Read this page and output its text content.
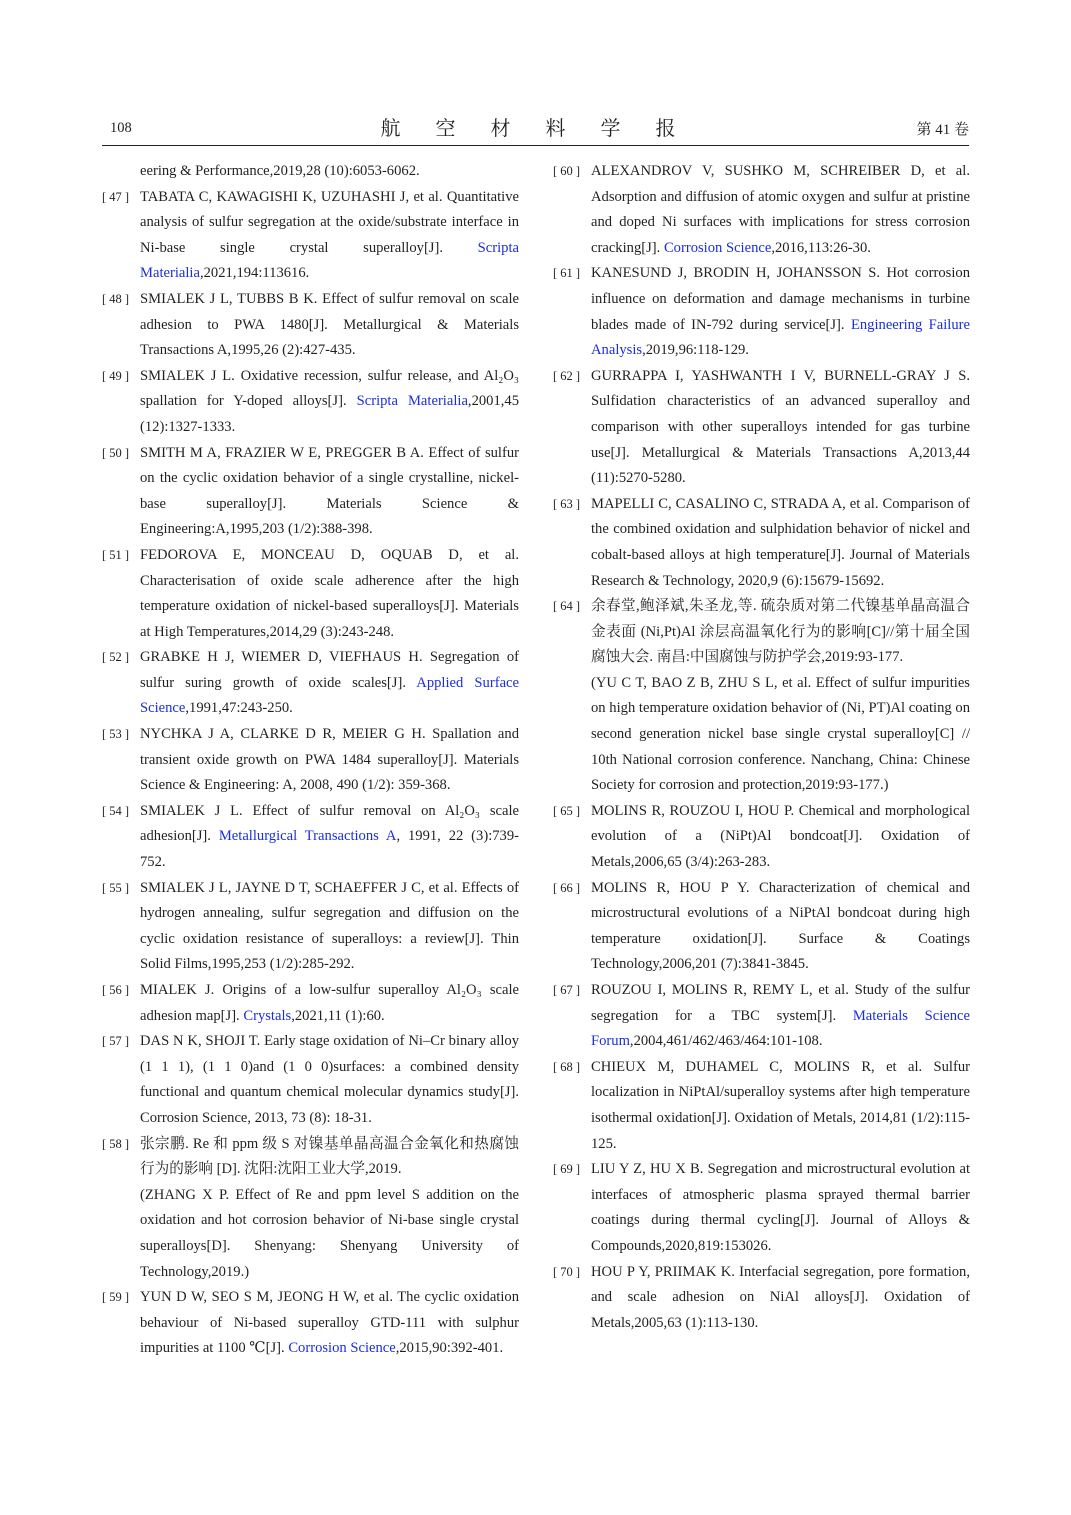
108	航 空 材 料 学 报	第 41 卷
eering & Performance,2019,28 (10):6053-6062.
[ 47 ] TABATA C, KAWAGISHI K, UZUHASHI J, et al. Quantitative analysis of sulfur segregation at the oxide/substrate interface in Ni-base single crystal superalloy[J]. Scripta Materialia,2021,194:113616.
[ 48 ] SMIALEK J L, TUBBS B K. Effect of sulfur removal on scale adhesion to PWA 1480[J]. Metallurgical & Materials Transactions A,1995,26 (2):427-435.
[ 49 ] SMIALEK J L. Oxidative recession, sulfur release, and Al₂O₃ spallation for Y-doped alloys[J]. Scripta Materialia,2001,45 (12):1327-1333.
[ 50 ] SMITH M A, FRAZIER W E, PREGGER B A. Effect of sulfur on the cyclic oxidation behavior of a single crystalline, nickel-base superalloy[J]. Materials Science & Engineering:A,1995,203 (1/2):388-398.
[ 51 ] FEDOROVA E, MONCEAU D, OQUAB D, et al. Characterisation of oxide scale adherence after the high temperature oxidation of nickel-based superalloys[J]. Materials at High Temperatures,2014,29 (3):243-248.
[ 52 ] GRABKE H J, WIEMER D, VIEFHAUS H. Segregation of sulfur suring growth of oxide scales[J]. Applied Surface Science,1991,47:243-250.
[ 53 ] NYCHKA J A, CLARKE D R, MEIER G H. Spallation and transient oxide growth on PWA 1484 superalloy[J]. Materials Science & Engineering: A, 2008, 490 (1/2): 359-368.
[ 54 ] SMIALEK J L. Effect of sulfur removal on Al₂O₃ scale adhesion[J]. Metallurgical Transactions A, 1991, 22 (3):739-752.
[ 55 ] SMIALEK J L, JAYNE D T, SCHAEFFER J C, et al. Effects of hydrogen annealing, sulfur segregation and diffusion on the cyclic oxidation resistance of superalloys: a review[J]. Thin Solid Films,1995,253 (1/2):285-292.
[ 56 ] MIALEK J. Origins of a low-sulfur superalloy Al₂O₃ scale adhesion map[J]. Crystals,2021,11 (1):60.
[ 57 ] DAS N K, SHOJI T. Early stage oxidation of Ni–Cr binary alloy (1 1 1), (1 1 0)and (1 0 0)surfaces: a combined density functional and quantum chemical molecular dynamics study[J]. Corrosion Science, 2013, 73 (8): 18-31.
[ 58 ] 张宗鹏. Re 和 ppm 级 S 对镍基单晶高温合金氧化和热腐蚀行为的影响 [D]. 沈阳:沈阳工业大学,2019.
(ZHANG X P. Effect of Re and ppm level S addition on the oxidation and hot corrosion behavior of Ni-base single crystal superalloys[D]. Shenyang: Shenyang University of Technology,2019.)
[ 59 ] YUN D W, SEO S M, JEONG H W, et al. The cyclic oxidation behaviour of Ni-based superalloy GTD-111 with sulphur impurities at 1100 ℃[J]. Corrosion Science,2015,90:392-401.
[ 60 ] ALEXANDROV V, SUSHKO M, SCHREIBER D, et al. Adsorption and diffusion of atomic oxygen and sulfur at pristine and doped Ni surfaces with implications for stress corrosion cracking[J]. Corrosion Science,2016,113:26-30.
[ 61 ] KANESUND J, BRODIN H, JOHANSSON S. Hot corrosion influence on deformation and damage mechanisms in turbine blades made of IN-792 during service[J]. Engineering Failure Analysis,2019,96:118-129.
[ 62 ] GURRAPPA I, YASHWANTH I V, BURNELL-GRAY J S. Sulfidation characteristics of an advanced superalloy and comparison with other superalloys intended for gas turbine use[J]. Metallurgical & Materials Transactions A,2013,44 (11):5270-5280.
[ 63 ] MAPELLI C, CASALINO C, STRADA A, et al. Comparison of the combined oxidation and sulphidation behavior of nickel and cobalt-based alloys at high temperature[J]. Journal of Materials Research & Technology, 2020,9 (6):15679-15692.
[ 64 ] 余春堂,鲍泽斌,朱圣龙,等. 硫杂质对第二代镍基单晶高温合金表面 (Ni,Pt)Al 涂层高温氧化行为的影响[C]//第十届全国腐蚀大会. 南昌:中国腐蚀与防护学会,2019:93-177.
(YU C T, BAO Z B, ZHU S L, et al. Effect of sulfur impurities on high temperature oxidation behavior of (Ni, PT)Al coating on second generation nickel base single crystal superalloy[C] // 10th National corrosion conference. Nanchang, China: Chinese Society for corrosion and protection,2019:93-177.)
[ 65 ] MOLINS R, ROUZOU I, HOU P. Chemical and morphological evolution of a (NiPt)Al bondcoat[J]. Oxidation of Metals,2006,65 (3/4):263-283.
[ 66 ] MOLINS R, HOU P Y. Characterization of chemical and microstructural evolutions of a NiPtAl bondcoat during high temperature oxidation[J]. Surface & Coatings Technology,2006,201 (7):3841-3845.
[ 67 ] ROUZOU I, MOLINS R, REMY L, et al. Study of the sulfur segregation for a TBC system[J]. Materials Science Forum,2004,461/462/463/464:101-108.
[ 68 ] CHIEUX M, DUHAMEL C, MOLINS R, et al. Sulfur localization in NiPtAl/superalloy systems after high temperature isothermal oxidation[J]. Oxidation of Metals, 2014,81 (1/2):115-125.
[ 69 ] LIU Y Z, HU X B. Segregation and microstructural evolution at interfaces of atmospheric plasma sprayed thermal barrier coatings during thermal cycling[J]. Journal of Alloys & Compounds,2020,819:153026.
[ 70 ] HOU P Y, PRIIMAK K. Interfacial segregation, pore formation, and scale adhesion on NiAl alloys[J]. Oxidation of Metals,2005,63 (1):113-130.
